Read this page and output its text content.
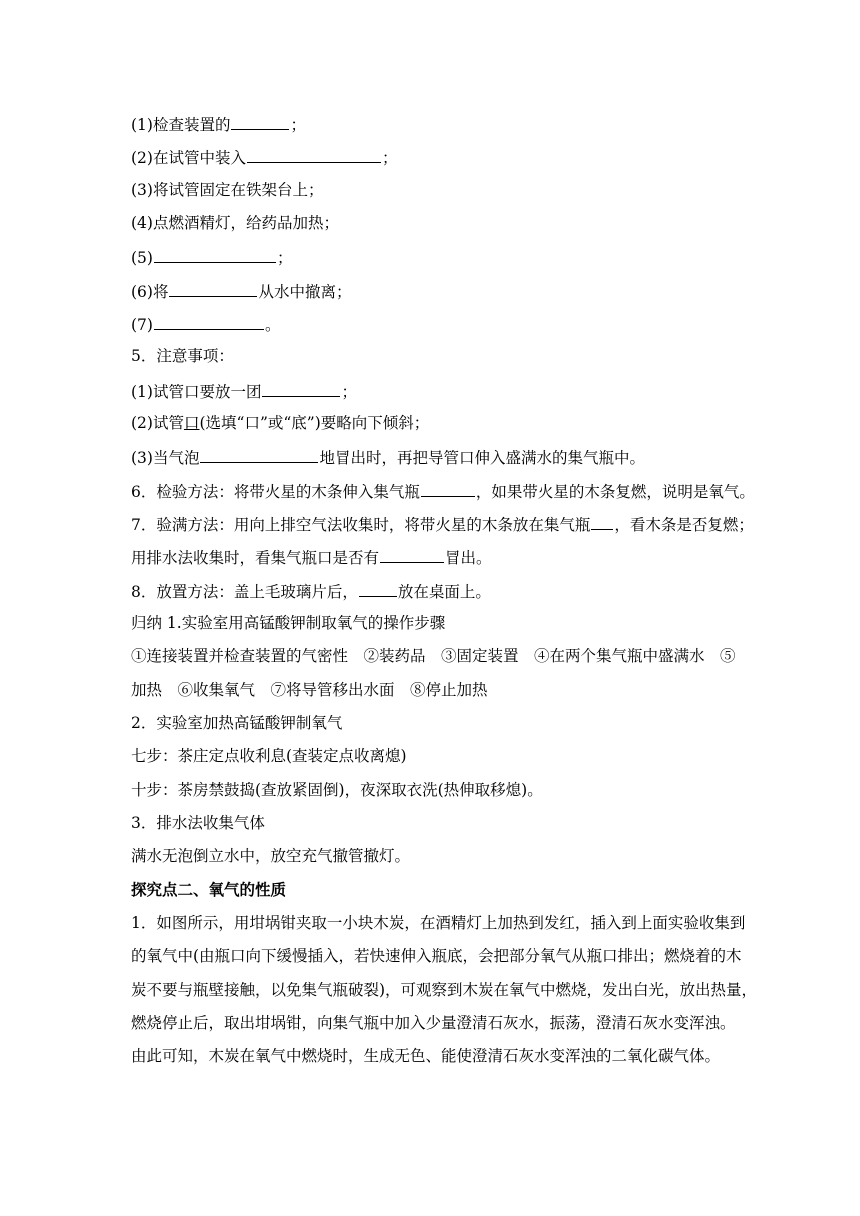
(1)检查装置的	；
(2)在试管中装入	；
(3)将试管固定在铁架台上；
(4)点燃酒精灯，给药品加热；
(5)	；
(6)将	从水中撤离；
(7)	。
5．注意事项：
(1)试管口要放一团	；
(2)试管口(选填“口”或“底”)要略向下倾斜；
(3)当气泡	地冒出时，再把导管口伸入盛满水的集气瓶中。
6．检验方法：将带火星的木条伸入集气瓶	，如果带火星的木条复燃，说明是氧气。
7．验满方法：用向上排空气法收集时，将带火星的木条放在集气瓶 ，看木条是否复燃；
用排水法收集时，看集气瓶口是否有	冒出。
8．放置方法：盖上毛玻璃片后，	放在桌面上。
归纳 1.实验室用高锰酸钾制取氧气的操作步骤
①连接装置并检查装置的气密性　②装药品　③固定装置　④在两个集气瓶中盛满水　⑤
加热　⑥收集氧气　⑦将导管移出水面　⑧停止加热
2．实验室加热高锰酸钾制氧气
七步：茶庄定点收利息(查装定点收离熄)
十步：茶房禁鼓捣(查放紧固倒)，夜深取衣洗(热伸取移熄)。
3．排水法收集气体
满水无泡倒立水中，放空充气撤管撤灯。
探究点二、氧气的性质
1．如图所示，用坩埚钳夹取一小块木炭，在酒精灯上加热到发红，插入到上面实验收集到
的氧气中(由瓶口向下缓慢插入，若快速伸入瓶底，会把部分氧气从瓶口排出；燃烧着的木
炭不要与瓶壁接触，以免集气瓶破裂)，可观察到木炭在氧气中燃烧，发出白光，放出热量，
燃烧停止后，取出坩埚钳，向集气瓶中加入少量澄清石灰水，振荡，澄清石灰水变浑浊。
由此可知，木炭在氧气中燃烧时，生成无色、能使澄清石灰水变浑浊的二氧化碳气体。
